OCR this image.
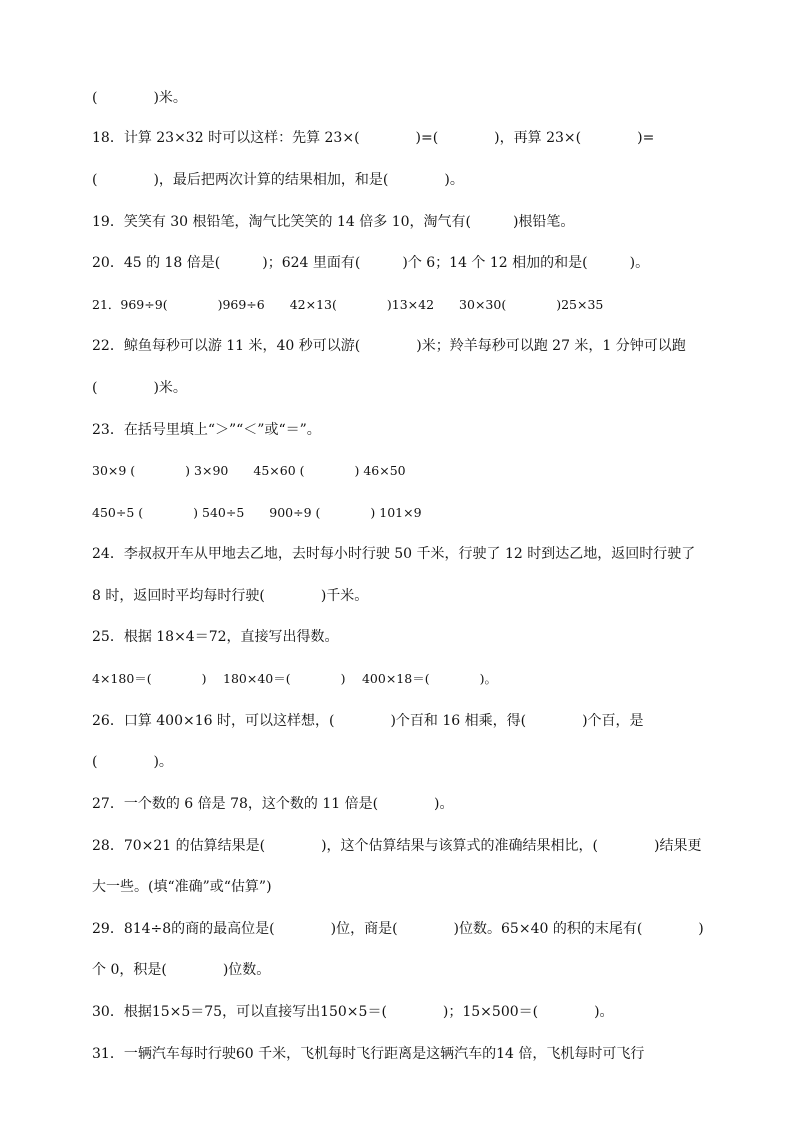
(　　　　)米。
18．计算 23×32 时可以这样：先算 23×(　　　　)=(　　　　)，再算 23×(　　　　)=
(　　　　)，最后把两次计算的结果相加，和是(　　　　)。
19．笑笑有 30 根铅笔，淘气比笑笑的 14 倍多 10，淘气有(　　　)根铅笔。
20．45 的 18 倍是(　　　)；624 里面有(　　　)个 6；14 个 12 相加的和是(　　　)。
21．969÷9(　　　　)969÷6　　42×13(　　　　)13×42　　30×30(　　　　)25×35
22．鲸鱼每秒可以游 11 米，40 秒可以游(　　　　)米；羚羊每秒可以跑 27 米，1 分钟可以跑
(　　　　)米。
23．在括号里填上“＞”“＜”或“＝”。
30×9 (　　　　) 3×90　　45×60 (　　　　) 46×50
450÷5 (　　　　) 540÷5　　900÷9 (　　　　) 101×9
24．李叔叔开车从甲地去乙地，去时每小时行驶 50 千米，行驶了 12 时到达乙地，返回时行驶了
8 时，返回时平均每时行驶(　　　　)千米。
25．根据 18×4＝72，直接写出得数。
4×180＝(　　　　)　 180×40＝(　　　　)　 400×18＝(　　　　)。
26．口算 400×16 时，可以这样想，(　　　　)个百和 16 相乘，得(　　　　)个百，是
(　　　　)。
27．一个数的 6 倍是 78，这个数的 11 倍是(　　　　)。
28．70×21 的估算结果是(　　　　)，这个估算结果与该算式的准确结果相比，(　　　　)结果更
大一些。(填“准确”或“估算”)
29．814÷8的商的最高位是(　　　　)位，商是(　　　　)位数。65×40 的积的末尾有(　　　　)
个 0，积是(　　　　)位数。
30．根据15×5＝75，可以直接写出150×5＝(　　　　)；15×500＝(　　　　)。
31．一辆汽车每时行驶60 千米，飞机每时飞行距离是这辆汽车的14 倍，飞机每时可飞行
